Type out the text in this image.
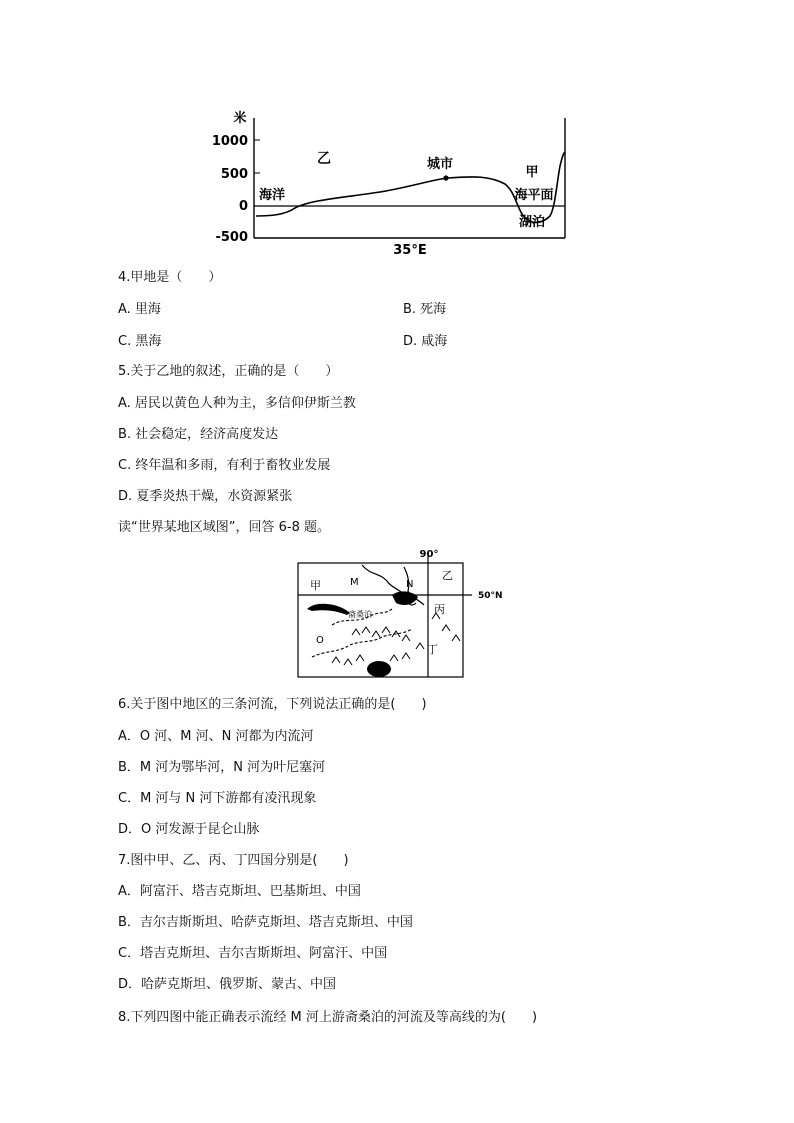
米
1000
500
0
-500
乙	城市
甲
海洋	海平面
湖泊
35°E
4.甲地是（　　）
A. 里海	B. 死海
C. 黑海	D. 咸海
5.关于乙地的叙述，正确的是（　　）
A. 居民以黄色人种为主，多信仰伊斯兰教
B. 社会稳定，经济高度发达
C. 终年温和多雨，有利于畜牧业发展
D. 夏季炎热干燥，水资源紧张
读“世界某地区域图”，回答 6-8 题。
90°
50°N
甲
乙
丙
丁
M	N
O
斋桑泊
6.关于图中地区的三条河流，下列说法正确的是(　　)
A．O 河、M 河、N 河都为内流河
B．M 河为鄂毕河，N 河为叶尼塞河
C．M 河与 N 河下游都有凌汛现象
D．O 河发源于昆仑山脉
7.图中甲、乙、丙、丁四国分别是(　　)
A．阿富汗、塔吉克斯坦、巴基斯坦、中国
B．吉尔吉斯斯坦、哈萨克斯坦、塔吉克斯坦、中国
C．塔吉克斯坦、吉尔吉斯斯坦、阿富汗、中国
D．哈萨克斯坦、俄罗斯、蒙古、中国
8.下列四图中能正确表示流经 M 河上游斋桑泊的河流及等高线的为(　　)
